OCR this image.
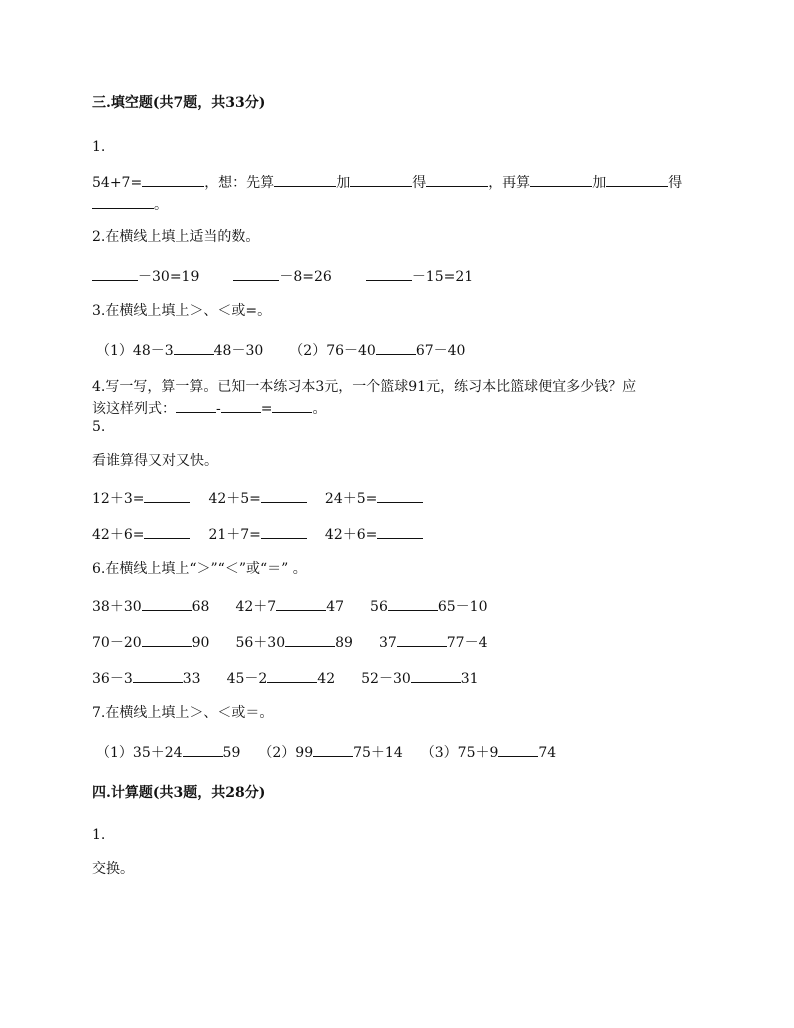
三.填空题(共7题，共33分)
1.
54+7=	，想：先算	加	得	，再算	加	得
。
2.在横线上填上适当的数。
－30=19	－8=26	－15=21
3.在横线上填上＞、＜或=。
（1）48－3	48－30 （2）76－40	67－40
4.写一写，算一算。已知一本练习本3元，一个篮球91元，练习本比篮球便宜多少钱？应
该这样列式：	-	=	。
5.
看谁算得又对又快。
12＋3=	42＋5=	24＋5=
42＋6=	21＋7=	42＋6=
6.在横线上填上“＞”“＜”或“＝” 。
38＋30	68 42＋7	47 56	65－10
70－20	90 56＋30	89 37	77－4
36－3	33 45－2	42 52－30	31
7.在横线上填上＞、＜或＝。
（1）35＋24	59 （2）99	75＋14 （3）75＋9	74
四.计算题(共3题，共28分)
1.
交换。
